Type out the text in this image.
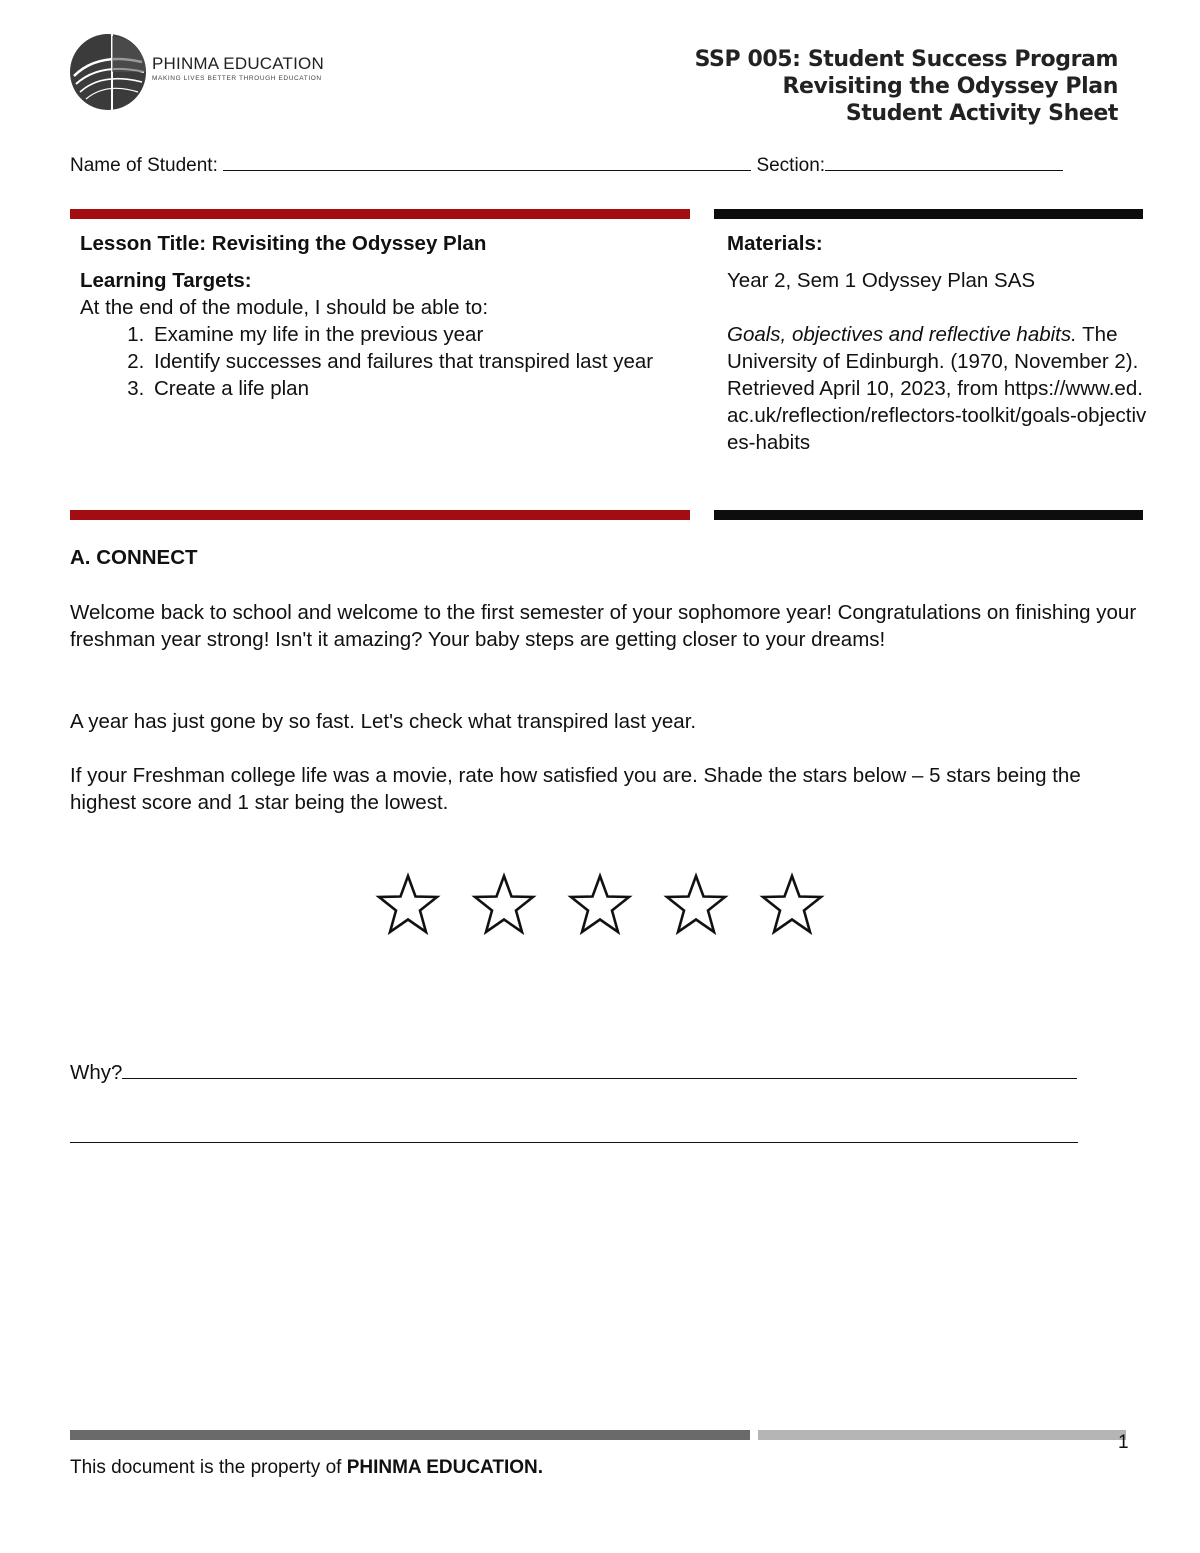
PHINMA EDUCATION
MAKING LIVES BETTER THROUGH EDUCATION
SSP 005: Student Success Program
Revisiting the Odyssey Plan
Student Activity Sheet
Name of Student:	Section:
Lesson Title: Revisiting the Odyssey Plan
Learning Targets:
At the end of the module, I should be able to:
1. Examine my life in the previous year
2. Identify successes and failures that transpired last year
3. Create a life plan
Materials:
Year 2, Sem 1 Odyssey Plan SAS
Goals, objectives and reflective habits. The University of Edinburgh. (1970, November 2). Retrieved April 10, 2023, from https://www.ed.ac.uk/reflection/reflectors-toolkit/goals-objectives-habits
A. CONNECT
Welcome back to school and welcome to the first semester of your sophomore year! Congratulations on finishing your freshman year strong! Isn't it amazing? Your baby steps are getting closer to your dreams!
A year has just gone by so fast. Let's check what transpired last year.
If your Freshman college life was a movie, rate how satisfied you are. Shade the stars below – 5 stars being the highest score and 1 star being the lowest.
Why?
1
This document is the property of PHINMA EDUCATION.
